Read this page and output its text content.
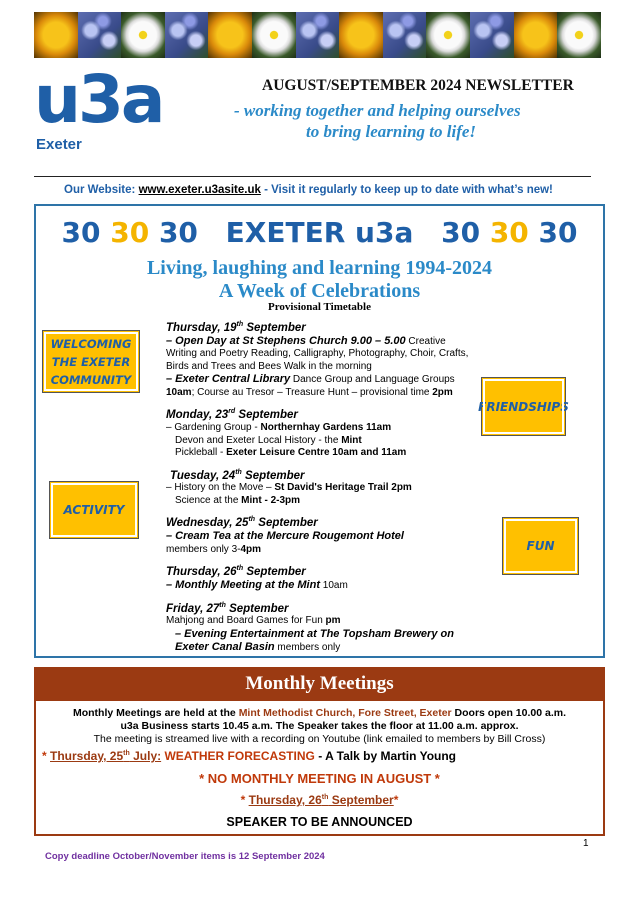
u3a
Exeter
AUGUST/SEPTEMBER 2024 NEWSLETTER
- working together and helping ourselves
to bring learning to life!
Our Website: www.exeter.u3asite.uk - Visit it regularly to keep up to date with what’s new!
30 30 30 EXETER u3a 30 30 30
Living, laughing and learning 1994-2024
A Week of Celebrations
Provisional Timetable
WELCOMING
THE EXETER
COMMUNITY
FRIENDSHIPS
ACTIVITY
FUN
Thursday, 19th September
– Open Day at St Stephens Church 9.00 – 5.00 Creative Writing and Poetry Reading, Calligraphy, Photography, Choir, Crafts, Birds and Trees and Bees Walk in the morning
– Exeter Central Library Dance Group and Language Groups 10am; Course au Tresor – Treasure Hunt – provisional time 2pm
Monday, 23rd September
– Gardening Group - Northernhay Gardens 11am
Devon and Exeter Local History - the Mint
Pickleball - Exeter Leisure Centre 10am and 11am
Tuesday, 24th September
– History on the Move – St David's Heritage Trail 2pm
Science at the Mint - 2-3pm
Wednesday, 25th September
– Cream Tea at the Mercure Rougemont Hotel
members only 3-4pm
Thursday, 26th September
– Monthly Meeting at the Mint 10am
Friday, 27th September
Mahjong and Board Games for Fun pm
– Evening Entertainment at The Topsham Brewery on Exeter Canal Basin members only
Monthly Meetings
Monthly Meetings are held at the Mint Methodist Church, Fore Street, Exeter Doors open 10.00 a.m.
u3a Business starts 10.45 a.m. The Speaker takes the floor at 11.00 a.m. approx.
The meeting is streamed live with a recording on Youtube (link emailed to members by Bill Cross)
* Thursday, 25th July: WEATHER FORECASTING - A Talk by Martin Young
* NO MONTHLY MEETING IN AUGUST *
* Thursday, 26th September*
SPEAKER TO BE ANNOUNCED
1
Copy deadline October/November items is 12 September 2024
